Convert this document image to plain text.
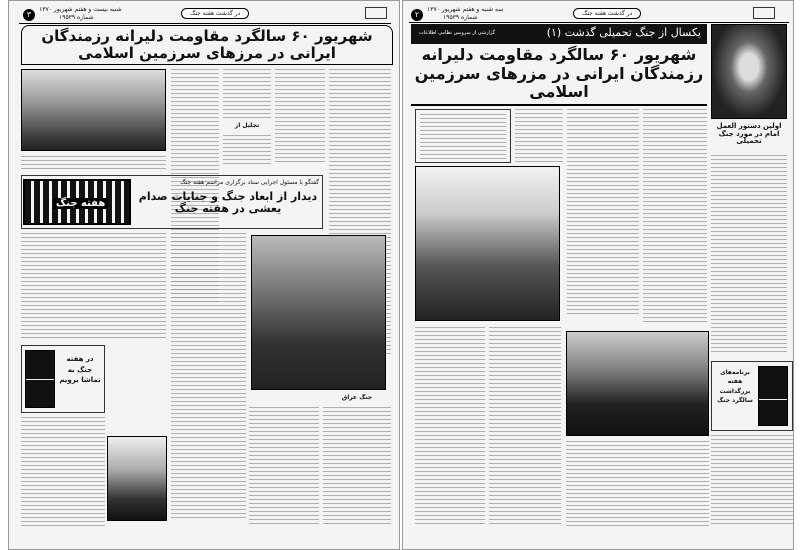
۳
شنبه بیست و هفتم شهریور ۱۳۷۰
شماره ۱۹۵۳۹
در گذشت هفته جنگ
شهریور ۶۰ سالگرد مقاومت دلیرانه رزمندگان ایرانی در مرزهای سرزمین اسلامی
تجلیل از
هفته جنگ
گفتگو با مسئول اجرایی ستاد برگزاری مراسم هفته جنگ
دیدار از ابعاد جنگ و جنایات صدام یعشی در هفته جنگ
در هفته جنگ به تماشا برویم
جنگ عراق
۲
سه شنبه و هفتم شهریور ۱۳۷۰
شماره ۱۹۵۳۹
در گذشت هفته جنگ
یکسال از جنگ تحمیلی گذشت (۱)
گزارشی از سرویس نظامی اطلاعات
شهریور ۶۰ سالگرد مقاومت دلیرانه
رزمندگان ایرانی در مزرهای سرزمین اسلامی
اولین دستور العمل امام در مورد جنگ تحمیلی
برنامه‌های هفته بزرگداشت سالگرد جنگ
